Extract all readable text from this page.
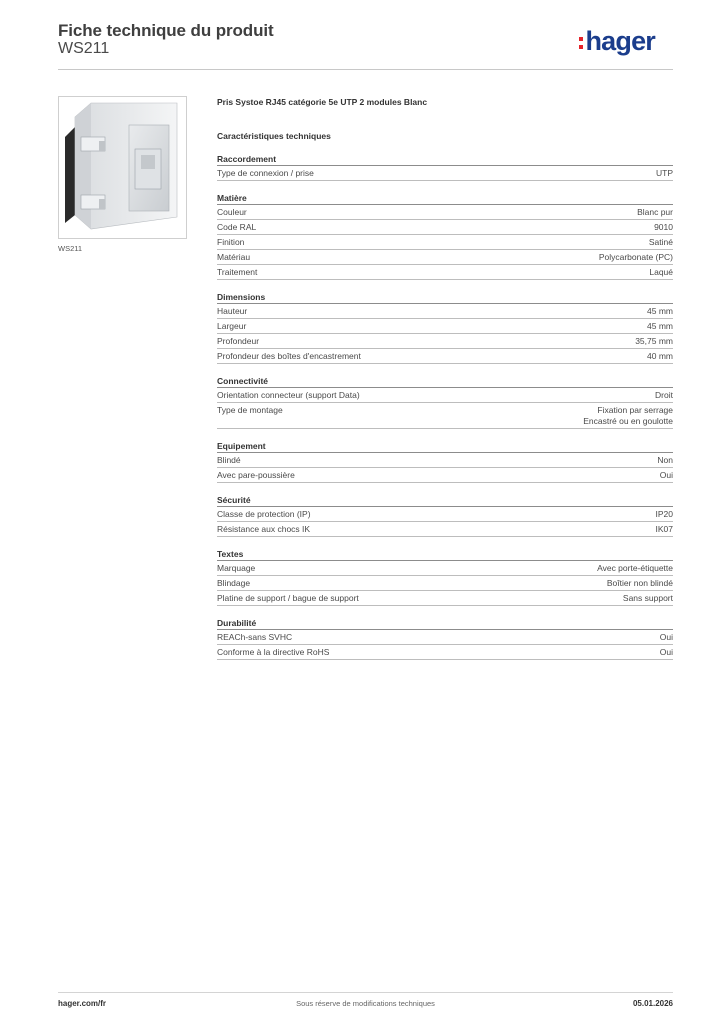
Fiche technique du produit
WS211	hager
WS211
Pris Systoe RJ45 catégorie 5e UTP 2 modules Blanc
Caractéristiques techniques
Raccordement
Type de connexion / prise	UTP
Matière
Couleur	Blanc pur
Code RAL	9010
Finition	Satiné
Matériau	Polycarbonate (PC)
Traitement	Laqué
Dimensions
Hauteur	45 mm
Largeur	45 mm
Profondeur	35,75 mm
Profondeur des boîtes d'encastrement	40 mm
Connectivité
Orientation connecteur (support Data)	Droit
Type de montage	Fixation par serrage
Encastré ou en goulotte
Equipement
Blindé	Non
Avec pare-poussière	Oui
Sécurité
Classe de protection (IP)	IP20
Résistance aux chocs IK	IK07
Textes
Marquage	Avec porte-étiquette
Blindage	Boîtier non blindé
Platine de support / bague de support	Sans support
Durabilité
REACh-sans SVHC	Oui
Conforme à la directive RoHS	Oui
hager.com/fr	Sous réserve de modifications techniques	05.01.2026
